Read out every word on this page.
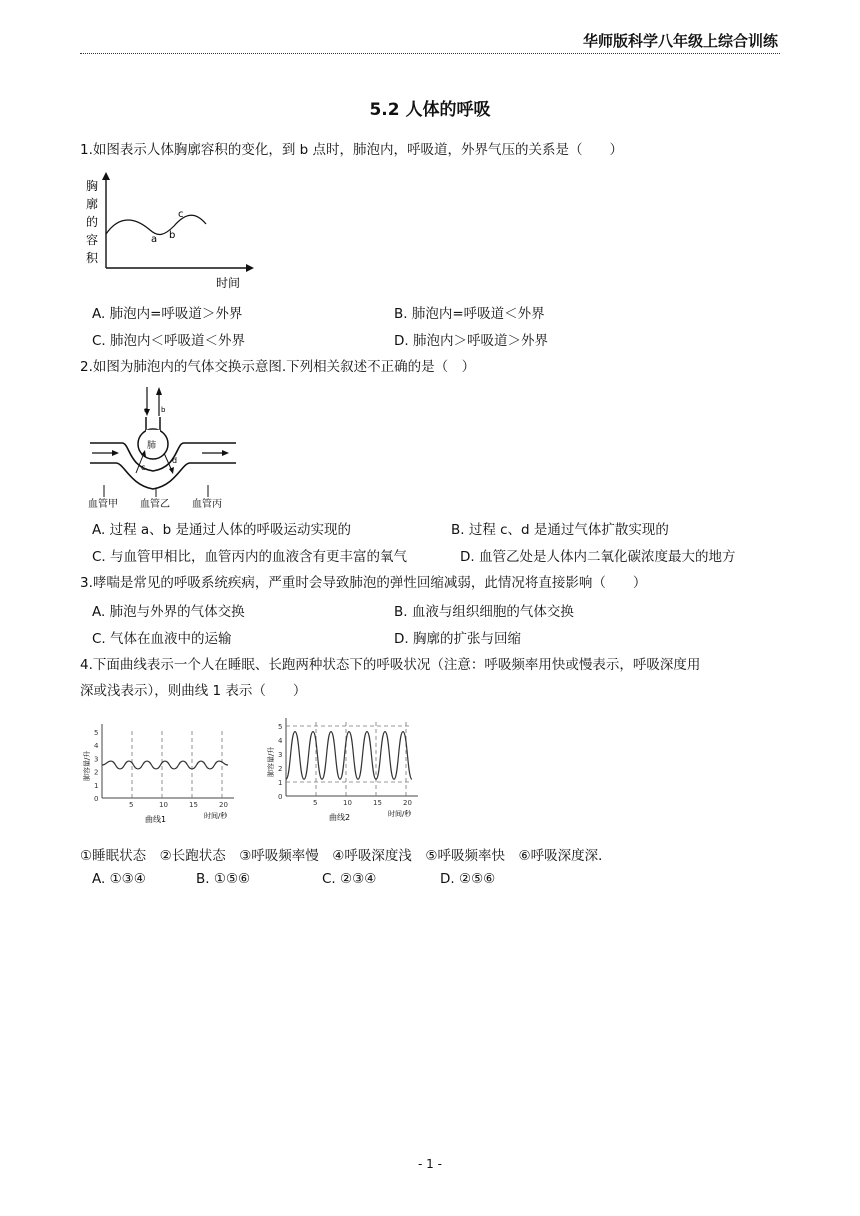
华师版科学八年级上综合训练
5.2 人体的呼吸
1.如图表示人体胸廓容积的变化，到 b 点时，肺泡内，呼吸道，外界气压的关系是（　　）
胸
廓
的
容
积
a b
c
时间
A. 肺泡内=呼吸道＞外界	B. 肺泡内=呼吸道＜外界
C. 肺泡内＜呼吸道＜外界	D. 肺泡内＞呼吸道＞外界
2.如图为肺泡内的气体交换示意图.下列相关叙述不正确的是（　）
a b
肺
c
d
血管甲 血管乙 血管丙
A. 过程 a、b 是通过人体的呼吸运动实现的	B. 过程 c、d 是通过气体扩散实现的
C. 与血管甲相比，血管丙内的血液含有更丰富的氧气	D. 血管乙处是人体内二氧化碳浓度最大的地方
3.哮喘是常见的呼吸系统疾病，严重时会导致肺泡的弹性回缩减弱，此情况将直接影响（　　）
A. 肺泡与外界的气体交换	B. 血液与组织细胞的气体交换
C. 气体在血液中的运输	D. 胸廓的扩张与回缩
4.下面曲线表示一个人在睡眠、长跑两种状态下的呼吸状况（注意：呼吸频率用快或慢表示，呼吸深度用
深或浅表示），则曲线 1 表示（　　）
肺容量/升
曲线1	时间/秒
5	10	15	20
0
1
2
3
4
5
肺容量/升
曲线2	时间/秒
5	10	15	20
0
1
2
3
4
5
①睡眠状态　②长跑状态　③呼吸频率慢　④呼吸深度浅　⑤呼吸频率快　⑥呼吸深度深．
A. ①③④	B. ①⑤⑥	C. ②③④	D. ②⑤⑥
- 1 -
